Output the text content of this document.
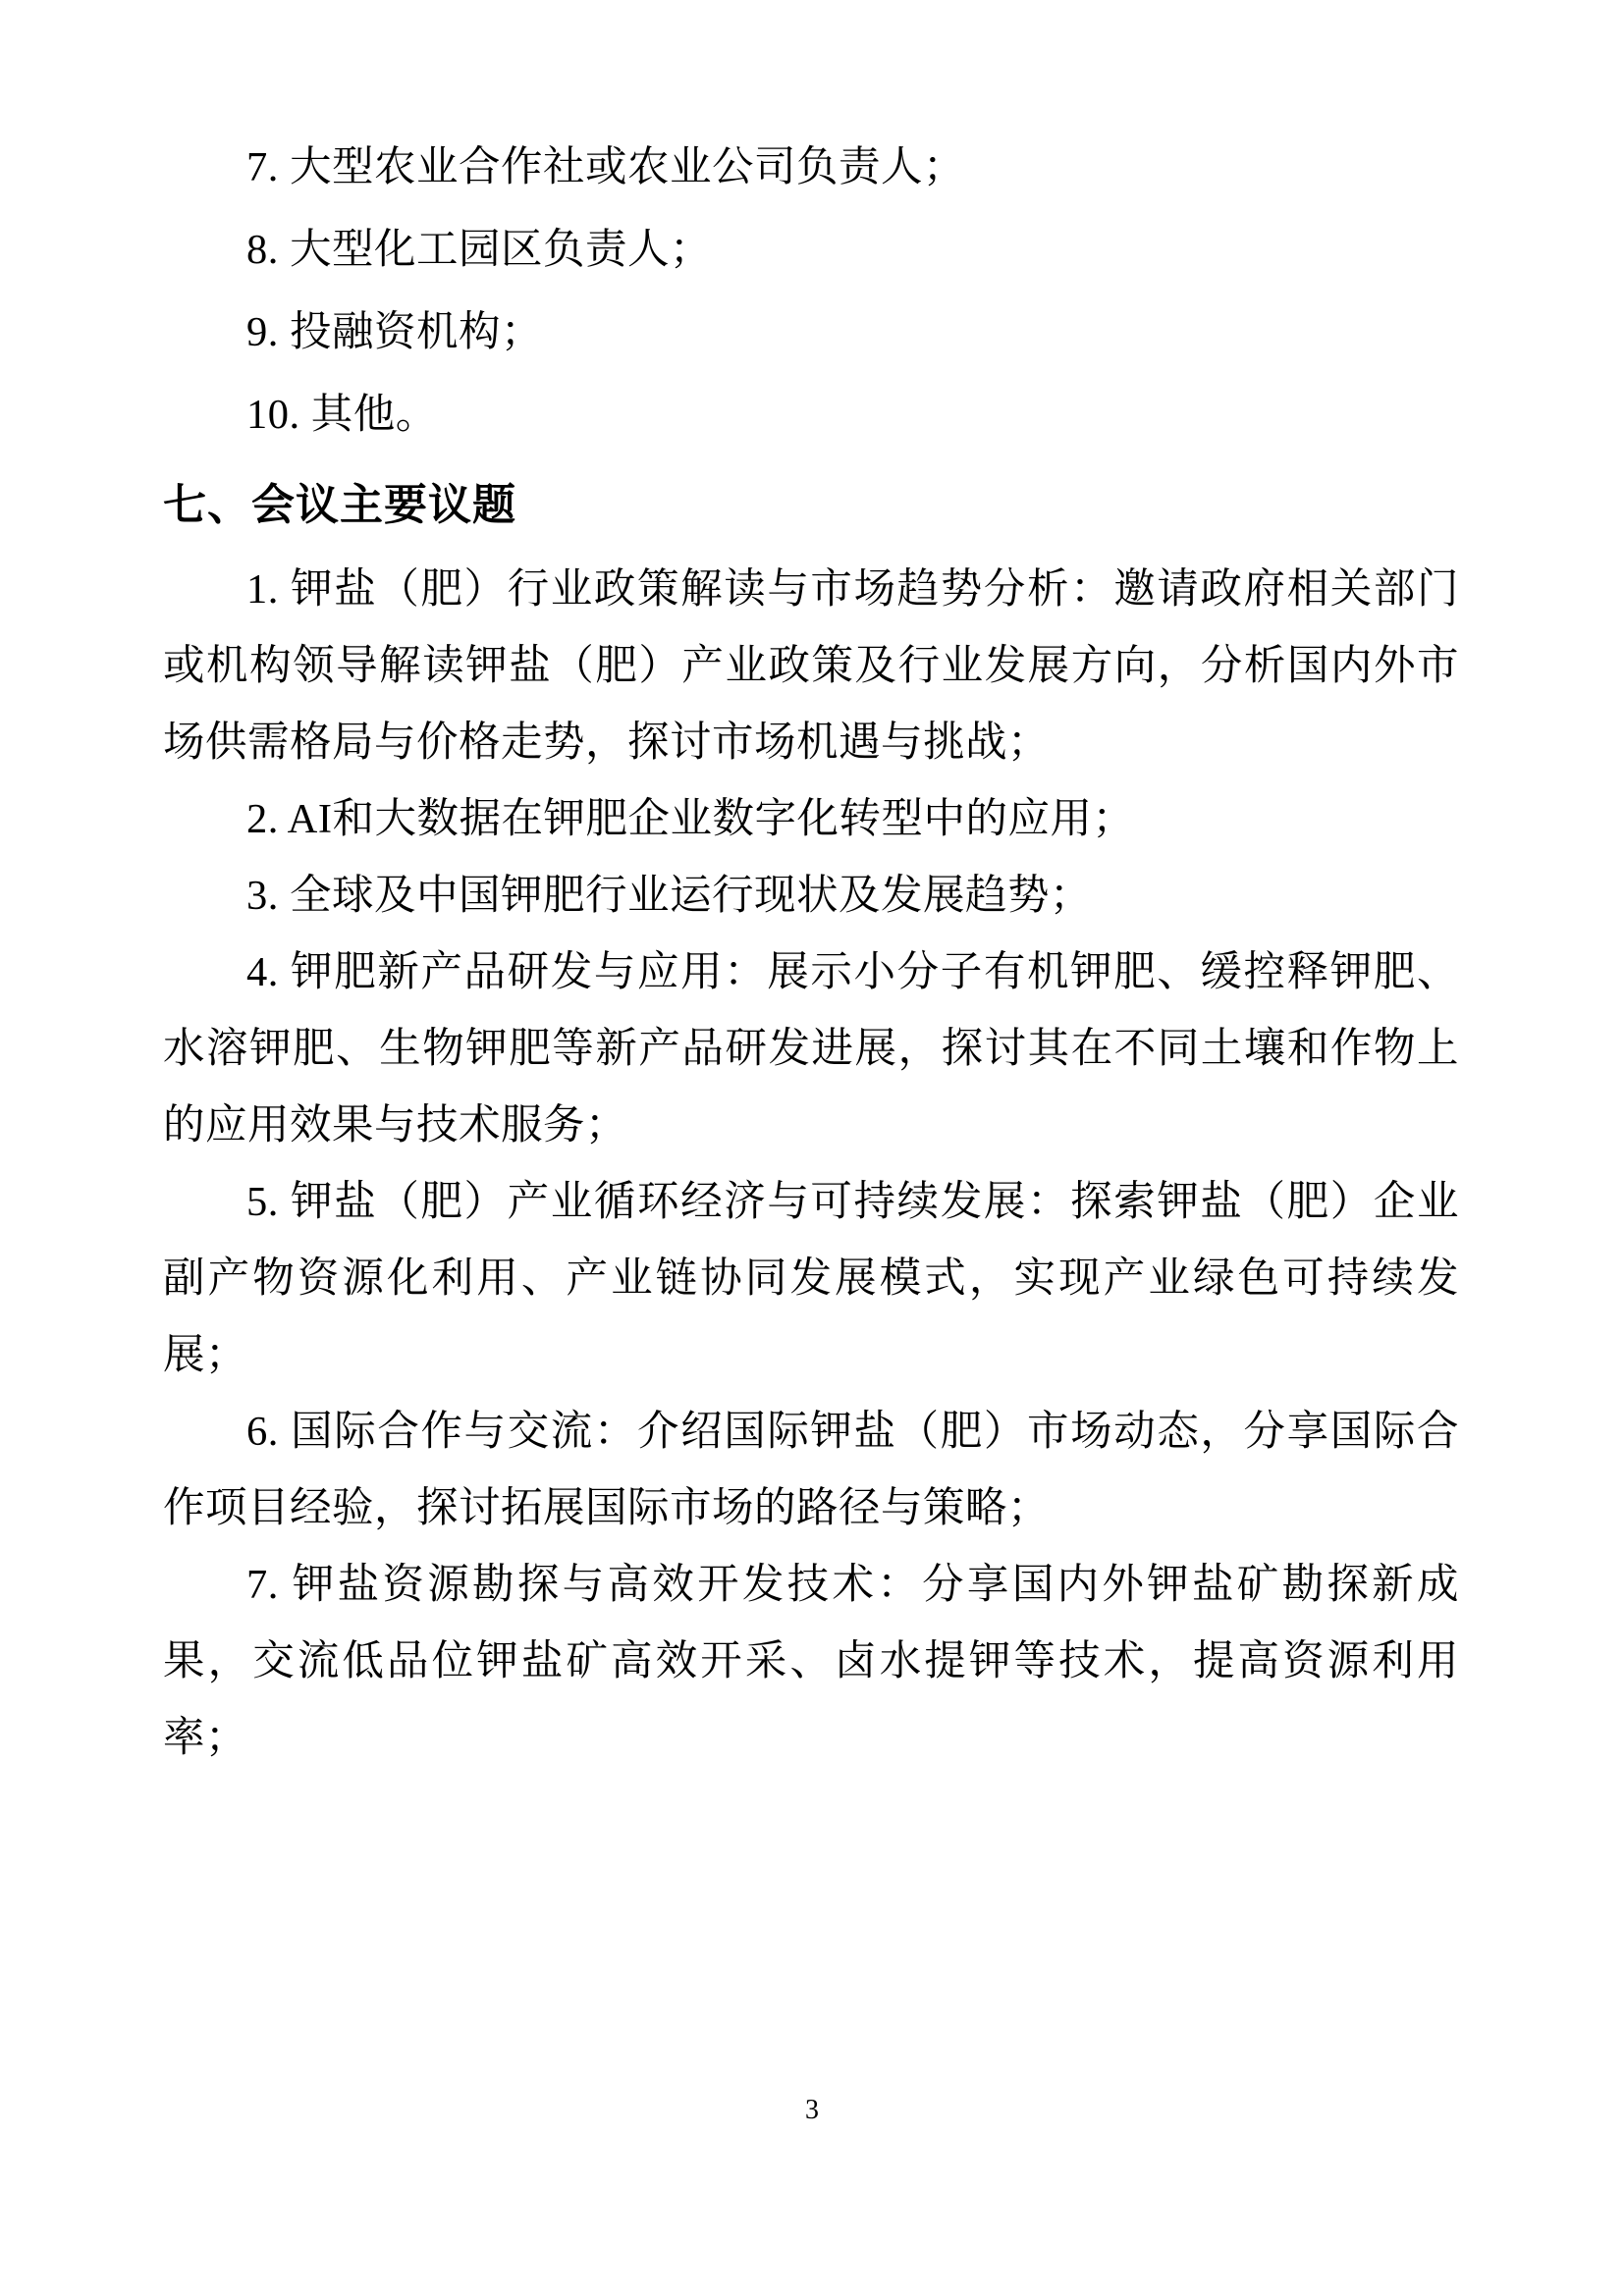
7. 大型农业合作社或农业公司负责人；
8. 大型化工园区负责人；
9. 投融资机构；
10. 其他。
七、会议主要议题

1. 钾盐（肥）行业政策解读与市场趋势分析：邀请政府相关部门或机构领导解读钾盐（肥）产业政策及行业发展方向，分析国内外市场供需格局与价格走势，探讨市场机遇与挑战；

2. AI和大数据在钾肥企业数字化转型中的应用；

3. 全球及中国钾肥行业运行现状及发展趋势；

4. 钾肥新产品研发与应用：展示小分子有机钾肥、缓控释钾肥、水溶钾肥、生物钾肥等新产品研发进展，探讨其在不同土壤和作物上的应用效果与技术服务；

5. 钾盐（肥）产业循环经济与可持续发展：探索钾盐（肥）企业副产物资源化利用、产业链协同发展模式，实现产业绿色可持续发展；

6. 国际合作与交流：介绍国际钾盐（肥）市场动态，分享国际合作项目经验，探讨拓展国际市场的路径与策略；

7. 钾盐资源勘探与高效开发技术：分享国内外钾盐矿勘探新成果，交流低品位钾盐矿高效开采、卤水提钾等技术，提高资源利用率；

3
